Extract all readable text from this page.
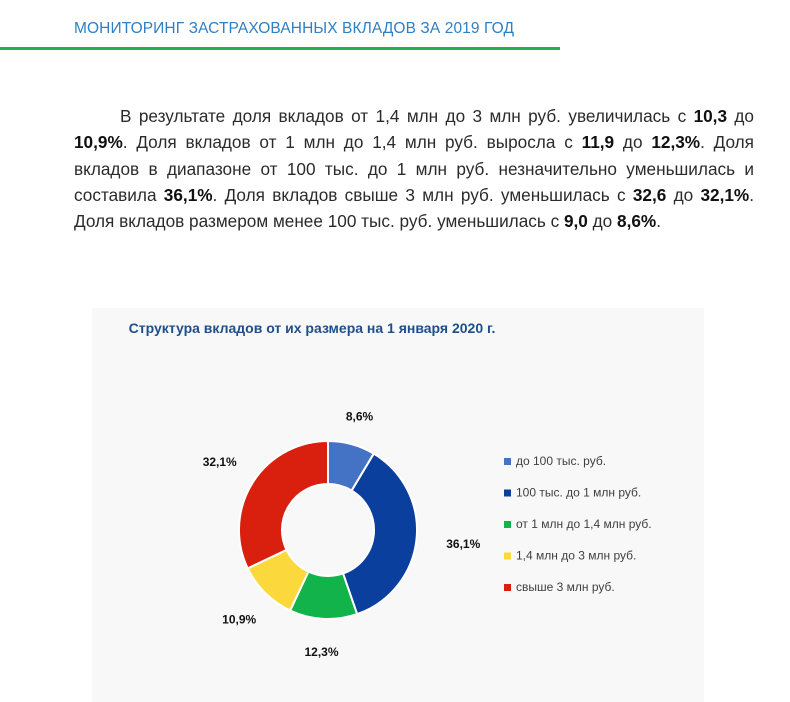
МОНИТОРИНГ ЗАСТРАХОВАННЫХ ВКЛАДОВ ЗА 2019 ГОД

В результате доля вкладов от 1,4 млн до 3 млн руб. увеличилась с 10,3 до 10,9%. Доля вкладов от 1 млн до 1,4 млн руб. выросла с 11,9 до 12,3%. Доля вкладов в диапазоне от 100 тыс. до 1 млн руб. незначительно уменьшилась и составила 36,1%. Доля вкладов свыше 3 млн руб. уменьшилась с 32,6 до 32,1%. Доля вкладов размером менее 100 тыс. руб. уменьшилась с 9,0 до 8,6%.

Структура вкладов от их размера на 1 января 2020 г.
8,6%
36,1%
12,3%
10,9%
32,1%	до 100 тыс. руб.
100 тыс. до 1 млн руб.
от 1 млн до 1,4 млн руб.
1,4 млн до 3 млн руб.
свыше 3 млн руб.
